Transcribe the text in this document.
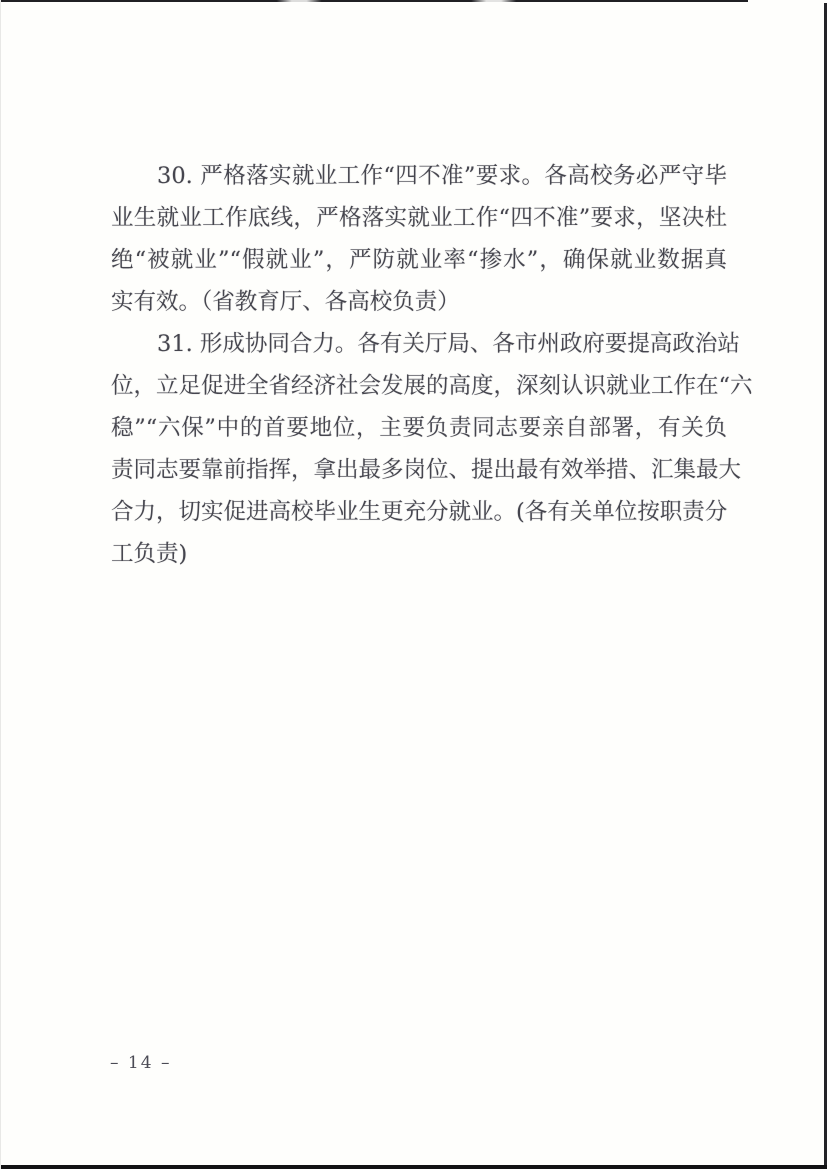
30. 严格落实就业工作“四不准”要求。各高校务必严守毕
业生就业工作底线，严格落实就业工作“四不准”要求，坚决杜
绝“被就业”“假就业”，严防就业率“掺水”，确保就业数据真
实有效。（省教育厅、各高校负责）
31. 形成协同合力。各有关厅局、各市州政府要提高政治站
位，立足促进全省经济社会发展的高度，深刻认识就业工作在“六
稳”“六保”中的首要地位，主要负责同志要亲自部署，有关负
责同志要靠前指挥，拿出最多岗位、提出最有效举措、汇集最大
合力，切实促进高校毕业生更充分就业。(各有关单位按职责分
工负责)
– 14 –
